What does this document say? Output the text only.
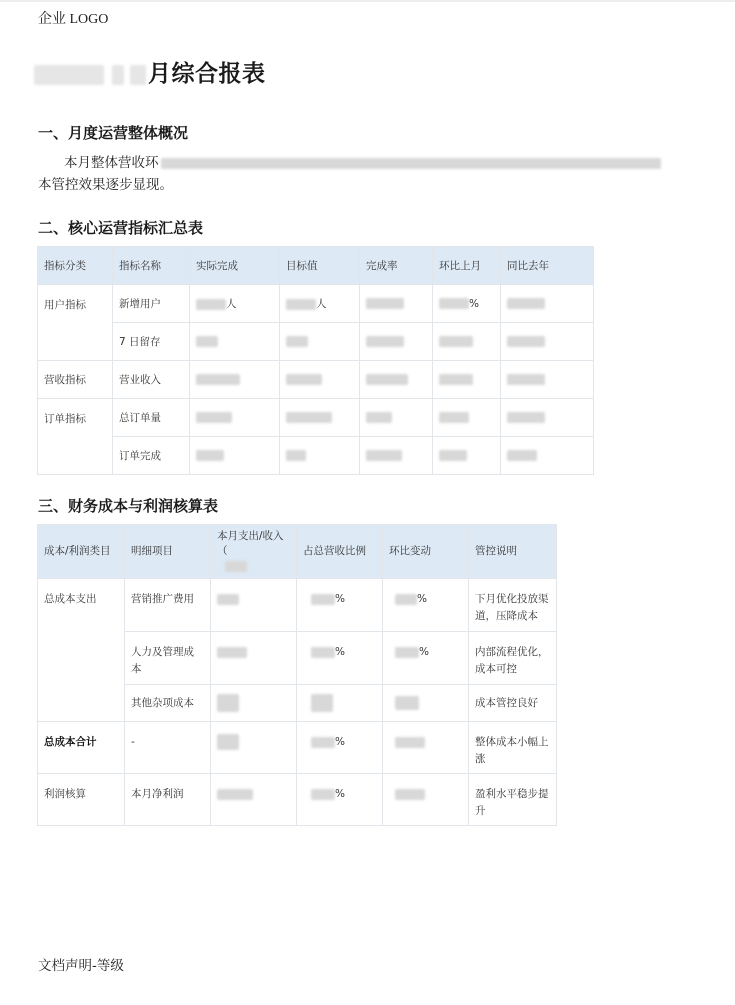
企业 LOGO
月综合报表
一、月度运营整体概况

本月整体营收环

本管控效果逐步显现。

二、核心运营指标汇总表
指标分类	指标名称	实际完成	目标值	完成率	环比上月	同比去年
用户指标	新增用户	人	人		%	
	7 日留存					
营收指标	营业收入					
订单指标	总订单量					
	订单完成					
三、财务成本与利润核算表
成本/利润类目	明细项目	本月支出/收入（	占总营收比例	环比变动	管控说明
总成本支出	营销推广费用		%	%	下月优化投放渠道，压降成本
	人力及管理成本		%	%	内部流程优化，成本可控
	其他杂项成本				成本管控良好
总成本合计	-		%		整体成本小幅上涨
利润核算	本月净利润		%		盈利水平稳步提升
文档声明-等级
